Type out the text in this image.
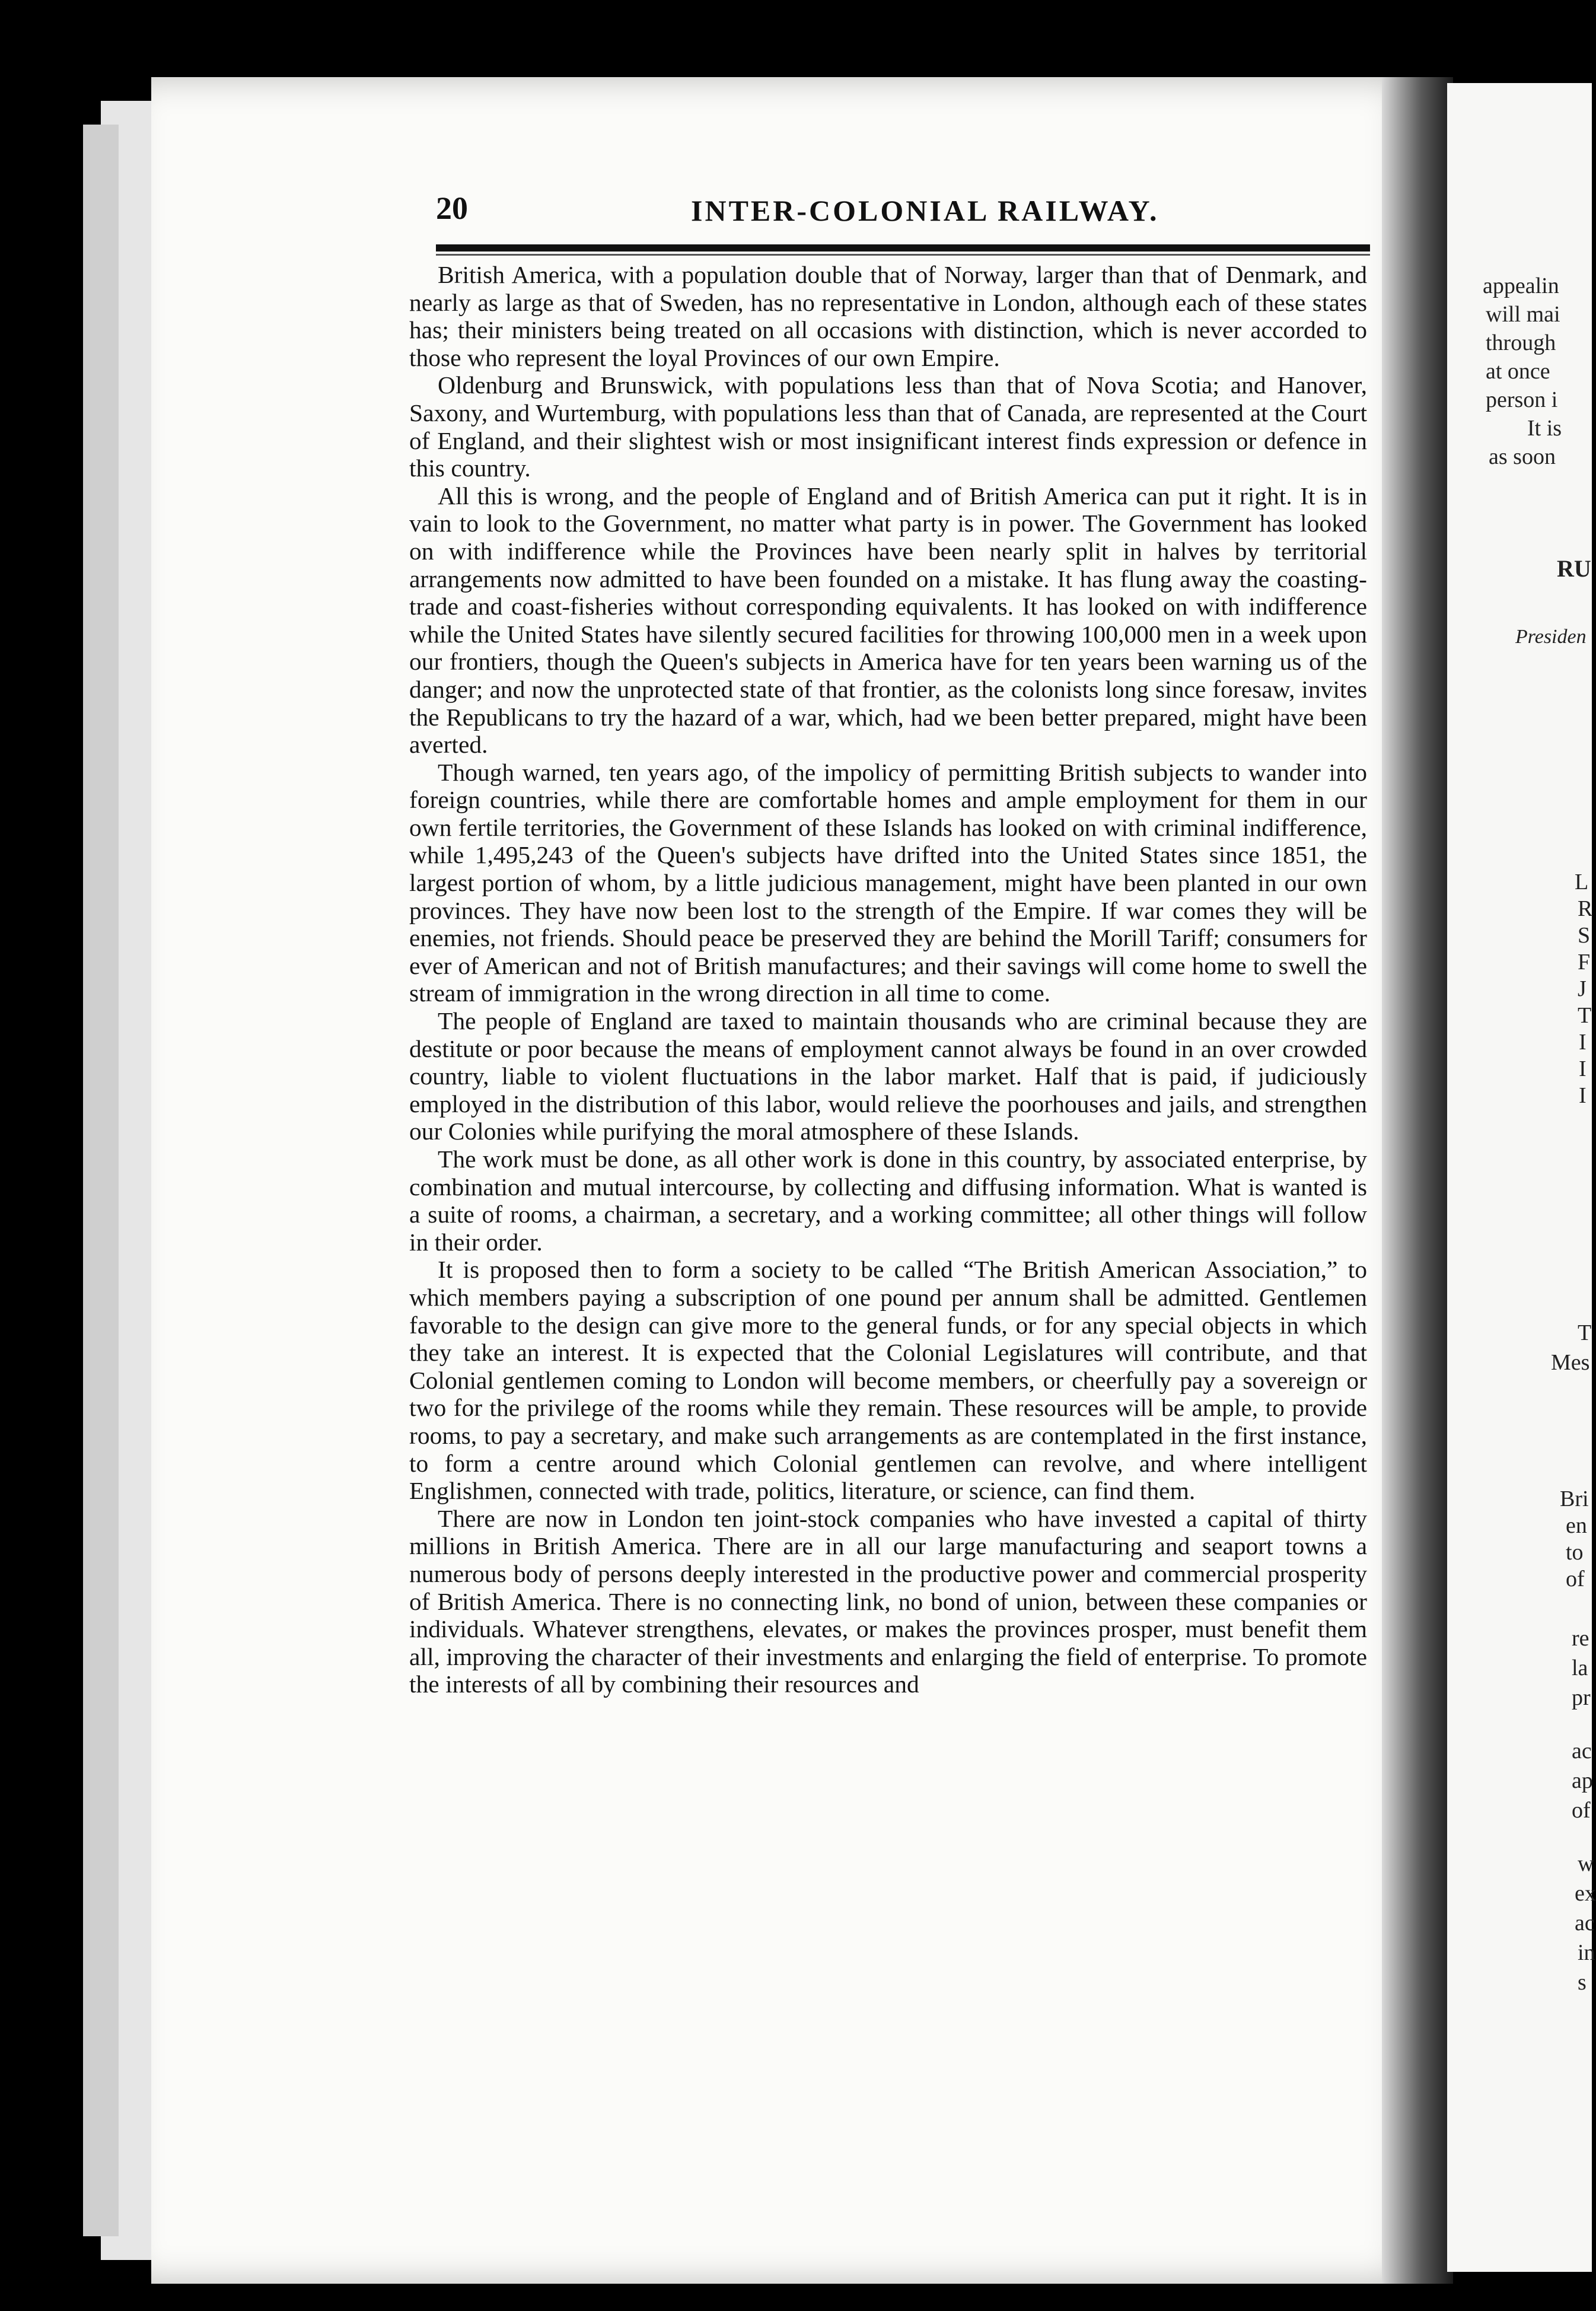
20	INTER-COLONIAL RAILWAY.

British America, with a population double that of Norway, larger than that of Denmark, and nearly as large as that of Sweden, has no representative in London, although each of these states has; their ministers being treated on all occasions with distinction, which is never accorded to those who represent the loyal Provinces of our own Empire.

Oldenburg and Brunswick, with populations less than that of Nova Scotia; and Hanover, Saxony, and Wurtemburg, with populations less than that of Canada, are represented at the Court of England, and their slightest wish or most insignificant interest finds expression or defence in this country.

All this is wrong, and the people of England and of British America can put it right. It is in vain to look to the Government, no matter what party is in power. The Government has looked on with indifference while the Provinces have been nearly split in halves by territorial arrangements now admitted to have been founded on a mistake. It has flung away the coasting-trade and coast-fisheries without corresponding equivalents. It has looked on with indifference while the United States have silently secured facilities for throwing 100,000 men in a week upon our frontiers, though the Queen's subjects in America have for ten years been warning us of the danger; and now the unprotected state of that frontier, as the colonists long since foresaw, invites the Republicans to try the hazard of a war, which, had we been better prepared, might have been averted.

Though warned, ten years ago, of the impolicy of permitting British subjects to wander into foreign countries, while there are comfortable homes and ample employment for them in our own fertile territories, the Government of these Islands has looked on with criminal indifference, while 1,495,243 of the Queen's subjects have drifted into the United States since 1851, the largest portion of whom, by a little judicious management, might have been planted in our own provinces. They have now been lost to the strength of the Empire. If war comes they will be enemies, not friends. Should peace be preserved they are behind the Morill Tariff; consumers for ever of American and not of British manufactures; and their savings will come home to swell the stream of immigration in the wrong direction in all time to come.

The people of England are taxed to maintain thousands who are criminal because they are destitute or poor because the means of employment cannot always be found in an over crowded country, liable to violent fluctuations in the labor market. Half that is paid, if judiciously employed in the distribution of this labor, would relieve the poorhouses and jails, and strengthen our Colonies while purifying the moral atmosphere of these Islands.

The work must be done, as all other work is done in this country, by associated enterprise, by combination and mutual intercourse, by collecting and diffusing information. What is wanted is a suite of rooms, a chairman, a secretary, and a working committee; all other things will follow in their order.

It is proposed then to form a society to be called “The British American Association,” to which members paying a subscription of one pound per annum shall be admitted. Gentlemen favorable to the design can give more to the general funds, or for any special objects in which they take an interest. It is expected that the Colonial Legislatures will contribute, and that Colonial gentlemen coming to London will become members, or cheerfully pay a sovereign or two for the privilege of the rooms while they remain. These resources will be ample, to provide rooms, to pay a secretary, and make such arrangements as are contemplated in the first instance, to form a centre around which Colonial gentlemen can revolve, and where intelligent Englishmen, connected with trade, politics, literature, or science, can find them.

There are now in London ten joint-stock companies who have invested a capital of thirty millions in British America. There are in all our large manufacturing and seaport towns a numerous body of persons deeply interested in the productive power and commercial prosperity of British America. There is no connecting link, no bond of union, between these companies or individuals. Whatever strengthens, elevates, or makes the provinces prosper, must benefit them all, improving the character of their investments and enlarging the field of enterprise. To promote the interests of all by combining their resources and

appealin
will mai
through
at once
person i
It is
as soon
RU
Presiden
L
R
S
F
J
T
I
I
I
T
Mes
Bri
en
to
of
re
la
pr
ac
ap
of
w
ex
ac
in
s
